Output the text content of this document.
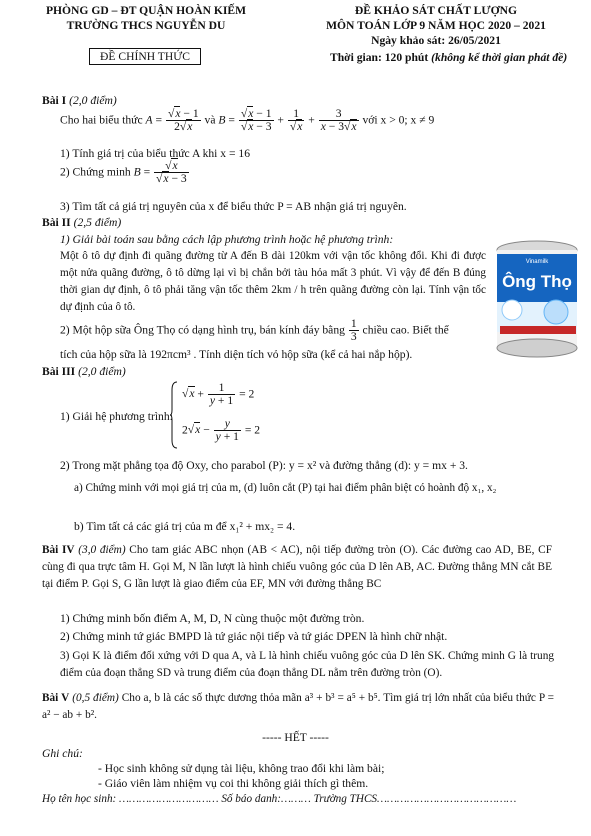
PHÒNG GD – ĐT QUẬN HOÀN KIẾM
TRƯỜNG THCS NGUYỄN DU
ĐỀ CHÍNH THỨC
ĐỀ KHẢO SÁT CHẤT LƯỢNG
MÔN TOÁN LỚP 9 NĂM HỌC 2020 – 2021
Ngày khảo sát: 26/05/2021
Thời gian: 120 phút (không kể thời gian phát đề)
Bài I (2,0 điểm)
Cho hai biểu thức A = √ $\frac{x - 1}{2 √ x}$ và B = √ x − 1
√ x − 3 + 1
√ $x + \frac{3}{x - 3 √ x}$ với x > 0; x ≠ 9
1) Tính giá trị của biểu thức A khi x = 16
2) Chứng minh B = √ x
√ x − 3
3) Tìm tất cả giá trị nguyên của x để biểu thức P = AB nhận giá trị nguyên.
Bài II (2,5 điểm)
1) Giải bài toán sau bằng cách lập phương trình hoặc hệ phương trình:
Một ô tô dự định đi quãng đường từ A đến B dài 120km với vận tốc không đổi. Khi đi được một nửa quãng đường, ô tô dừng lại vì bị chắn bởi tàu hỏa mất 3 phút. Vì vậy để đến B đúng thời gian dự định, ô tô phải tăng vận tốc thêm 2km / h trên quãng đường còn lại. Tính vận tốc dự định của ô tô.
2) Một hộp sữa Ông Thọ có dạng hình trụ, bán kính đáy bằng $\frac{1}{3}$ chiều cao. Biết thể
tích của hộp sữa là 192πcm³ . Tính diện tích vỏ hộp sữa (kể cả hai nắp hộp).
Vinamilk
Ông Thọ
Bài III (2,0 điểm)
1) Giải hệ phương trình:
√ $x + \frac{1}{y + 1} = 2$
2 √ $x - \frac{y}{y + 1} = 2$
2) Trong mặt phẳng tọa độ Oxy, cho parabol (P): y = x² và đường thẳng (d): y = mx + 3.
a) Chứng minh với mọi giá trị của m, (d) luôn cắt (P) tại hai điểm phân biệt có hoành độ x₁, x₂
b) Tìm tất cả các giá trị của m để x₁² + mx₂ = 4.
Bài IV (3,0 điểm) Cho tam giác ABC nhọn (AB < AC), nội tiếp đường tròn (O). Các đường cao AD, BE, CF cùng đi qua trực tâm H. Gọi M, N lần lượt là hình chiếu vuông góc của D lên AB, AC. Đường thẳng MN cắt BE tại điểm P. Gọi S, G lần lượt là giao điểm của EF, MN với đường thẳng BC
1) Chứng minh bốn điểm A, M, D, N cùng thuộc một đường tròn.
2) Chứng minh tứ giác BMPD là tứ giác nội tiếp và tứ giác DPEN là hình chữ nhật.
3) Gọi K là điểm đối xứng với D qua A, và L là hình chiếu vuông góc của D lên SK. Chứng minh G là trung điểm của đoạn thẳng SD và trung điểm của đoạn thẳng DL nằm trên đường tròn (O).
Bài V (0,5 điểm) Cho a, b là các số thực dương thỏa mãn a³ + b³ = a⁵ + b⁵. Tìm giá trị lớn nhất của biểu thức P = a² − ab + b².
----- HẾT -----
Ghi chú:
- Học sinh không sử dụng tài liệu, không trao đổi khi làm bài;
- Giáo viên làm nhiệm vụ coi thi không giải thích gì thêm.
Họ tên học sinh: ………………………… Số báo danh:……… Trường THCS……………………………………
